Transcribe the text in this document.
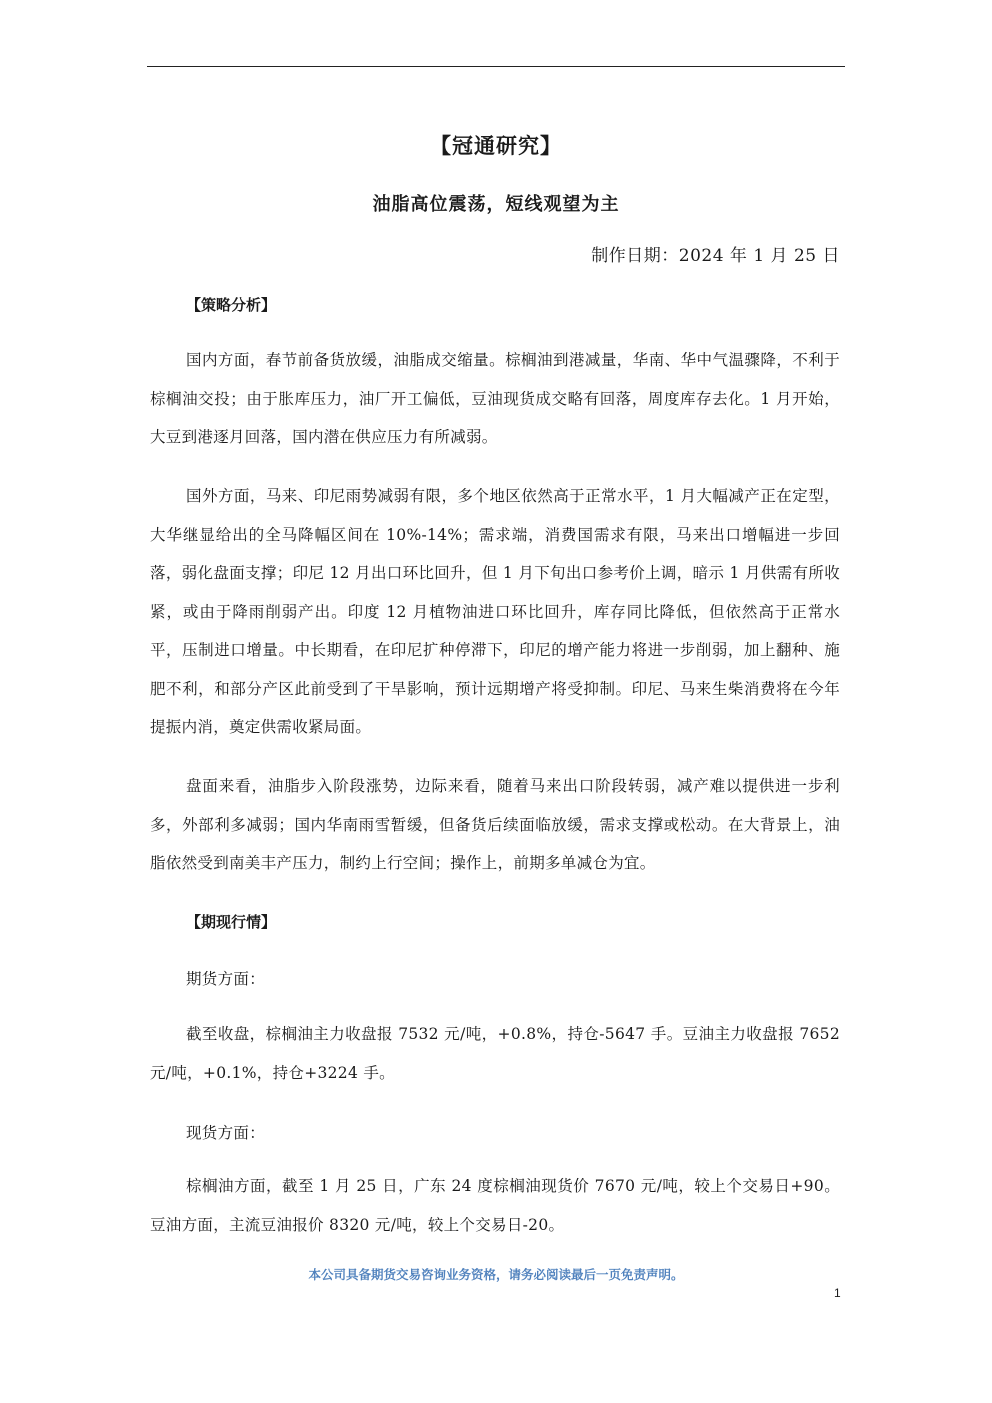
【冠通研究】
油脂高位震荡，短线观望为主
制作日期：2024 年 1 月 25 日
【策略分析】

国内方面，春节前备货放缓，油脂成交缩量。棕榈油到港减量，华南、华中气温骤降，不利于棕榈油交投；由于胀库压力，油厂开工偏低，豆油现货成交略有回落，周度库存去化。1 月开始，大豆到港逐月回落，国内潜在供应压力有所减弱。

国外方面，马来、印尼雨势减弱有限，多个地区依然高于正常水平，1 月大幅减产正在定型，大华继显给出的全马降幅区间在 10%-14%；需求端，消费国需求有限，马来出口增幅进一步回落，弱化盘面支撑；印尼 12 月出口环比回升，但 1 月下旬出口参考价上调，暗示 1 月供需有所收紧，或由于降雨削弱产出。印度 12 月植物油进口环比回升，库存同比降低，但依然高于正常水平，压制进口增量。中长期看，在印尼扩种停滞下，印尼的增产能力将进一步削弱，加上翻种、施肥不利，和部分产区此前受到了干旱影响，预计远期增产将受抑制。印尼、马来生柴消费将在今年提振内消，奠定供需收紧局面。

盘面来看，油脂步入阶段涨势，边际来看，随着马来出口阶段转弱，减产难以提供进一步利多，外部利多减弱；国内华南雨雪暂缓，但备货后续面临放缓，需求支撑或松动。在大背景上，油脂依然受到南美丰产压力，制约上行空间；操作上，前期多单减仓为宜。

【期现行情】
期货方面：

截至收盘，棕榈油主力收盘报 7532 元/吨，+0.8%，持仓-5647 手。豆油主力收盘报 7652 元/吨，+0.1%，持仓+3224 手。

现货方面：

棕榈油方面，截至 1 月 25 日，广东 24 度棕榈油现货价 7670 元/吨，较上个交易日+90。豆油方面，主流豆油报价 8320 元/吨，较上个交易日-20。

本公司具备期货交易咨询业务资格，请务必阅读最后一页免责声明。
1
